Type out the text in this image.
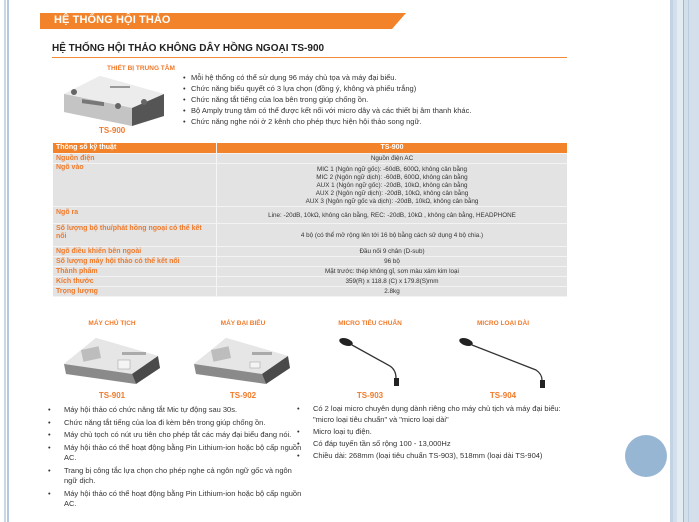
HỆ THỐNG HỘI THẢO
HỆ THỐNG HỘI THẢO KHÔNG DÂY HỒNG NGOẠI TS-900
THIẾT BỊ TRUNG TÂM
TS-900
• Mỗi hệ thống có thể sử dụng 96 máy chủ tọa và máy đại biểu.
• Chức năng biểu quyết có 3 lựa chọn (đồng ý, không và phiếu trắng)
• Chức năng tắt tiếng của loa bên trong giúp chống ồn.
• Bộ Amply trung tâm có thể được kết nối với micro dây và các thiết bị âm thanh khác.
• Chức năng nghe nói ở 2 kênh cho phép thực hiện hội thảo song ngữ.
Thông số kỹ thuật	TS-900
Nguồn điện	Nguồn điện AC
Ngõ vào	MIC 1 (Ngôn ngữ gốc): -60dB, 600Ω, không cân bằng
MIC 2 (Ngôn ngữ dịch): -60dB, 600Ω, không cân bằng
AUX 1 (Ngôn ngữ gốc): -20dB, 10kΩ, không cân bằng
AUX 2 (Ngôn ngữ dịch): -20dB, 10kΩ, không cân bằng
AUX 3 (Ngôn ngữ gốc và dịch): -20dB, 10kΩ, không cân bằng

Ngõ ra	Line: -20dB, 10kΩ, không cân bằng, REC: -20dB, 10kΩ , không cân bằng, HEADPHONE
Số lượng bộ thu/phát hồng ngoại có thể kết nối	4 bộ (có thể mở rộng lên tới 16 bộ bằng cách sử dụng 4 bộ chia.)
Ngõ điều khiển bên ngoài	Đầu nối 9 chân (D-sub)
Số lượng máy hội thảo có thể kết nối	96 bộ
Thành phẩm	Mặt trước: thép không gỉ, sơn màu xám kim loại
Kích thước	359(R) x 118.8 (C) x 179.8(S)mm
Trọng lượng	2.8kg
MÁY CHỦ TỊCH	MÁY ĐẠI BIỂU	MICRO TIÊU CHUẨN	MICRO LOẠI DÀI
TS-901	TS-902	TS-903	TS-904
• Máy hội thảo có chức năng tắt Mic tự động sau 30s.
• Chức năng tắt tiếng của loa đi kèm bên trong giúp chống ồn.
• Máy chủ tọch có nút ưu tiên cho phép tắt các máy đại biểu đang nói.
• Máy hội thảo có thể hoạt động bằng Pin Lithium-ion hoặc bộ cấp nguồn AC.
• Trang bị công tắc lựa chọn cho phép nghe cả ngôn ngữ gốc và ngôn ngữ dịch.
• Máy hội thảo có thể hoạt động bằng Pin Lithium-ion hoặc bộ cấp nguồn AC.
• Có 2 loại micro chuyên dụng dành riêng cho máy chủ tịch và máy đại biểu: "micro loại tiêu chuẩn" và "micro loại dài"
• Micro loại tụ điện.
• Có đáp tuyến tần số rộng 100 - 13,000Hz
• Chiều dài: 268mm (loại tiêu chuẩn TS-903), 518mm (loại dài TS-904)
